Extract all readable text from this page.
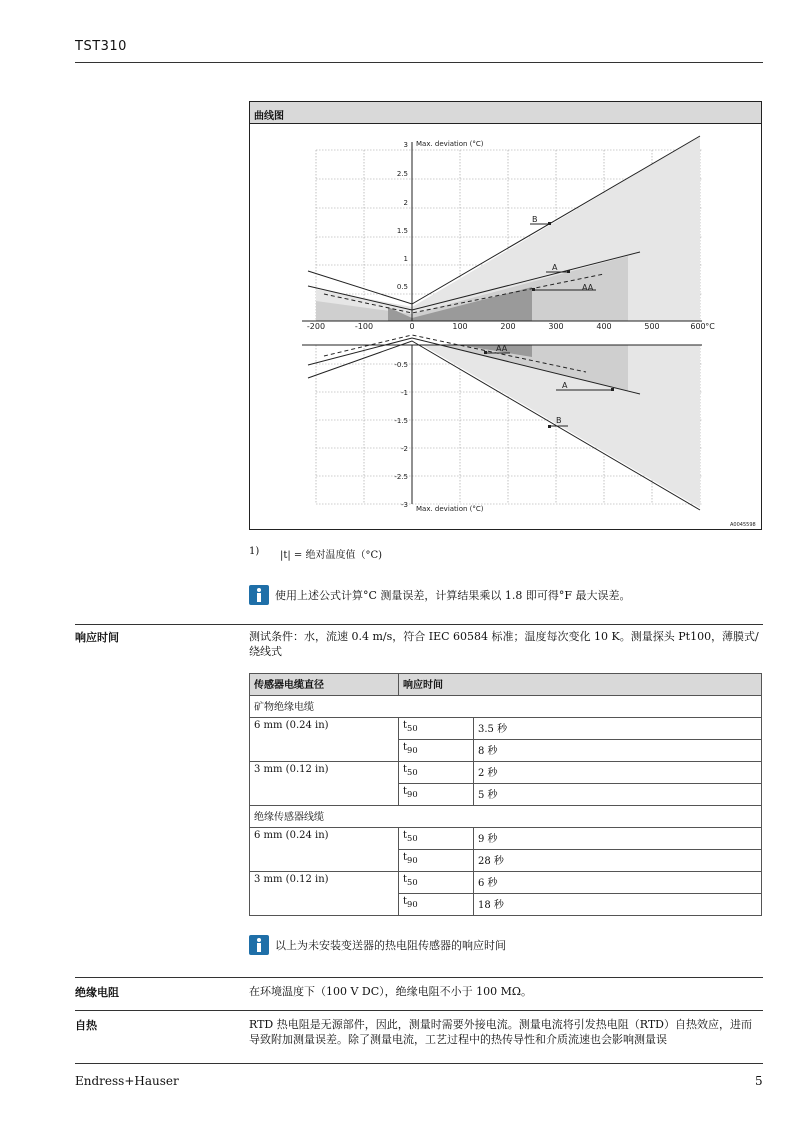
TST310
曲线图
-200	-100	0	100	200	300	400	500	600 °C
0.5
1
1.5
2
2.5
3
-0.5
-1
-1.5
-2
-2.5
-3
Max. deviation (°C)
Max. deviation (°C)
B
A
AA
AA
A
B
A0045598
1) |t| = 绝对温度值（°C)
使用上述公式计算°C 测量误差，计算结果乘以 1.8 即可得°F 最大误差。
响应时间	测试条件：水，流速 0.4 m/s，符合 IEC 60584 标准；温度每次变化 10 K。测量探头 Pt100，薄膜式/绕线式
传感器电缆直径	响应时间	
矿物绝缘电缆		
6 mm (0.24 in)	$t_{50}$	3.5 秒
	$t_{90}$	8 秒
3 mm (0.12 in)	$t_{50}$	2 秒
	$t_{90}$	5 秒
绝缘传感器线缆		
6 mm (0.24 in)	$t_{50}$	9 秒
	$t_{90}$	28 秒
3 mm (0.12 in)	$t_{50}$	6 秒
	$t_{90}$	18 秒
以上为未安装变送器的热电阻传感器的响应时间
绝缘电阻	在环境温度下（100 V DC），绝缘电阻不小于 100 MΩ。
自热	RTD 热电阻是无源部件，因此，测量时需要外接电流。测量电流将引发热电阻（RTD）自热效应，进而导致附加测量误差。除了测量电流，工艺过程中的热传导性和介质流速也会影响测量误
Endress+Hauser	5
